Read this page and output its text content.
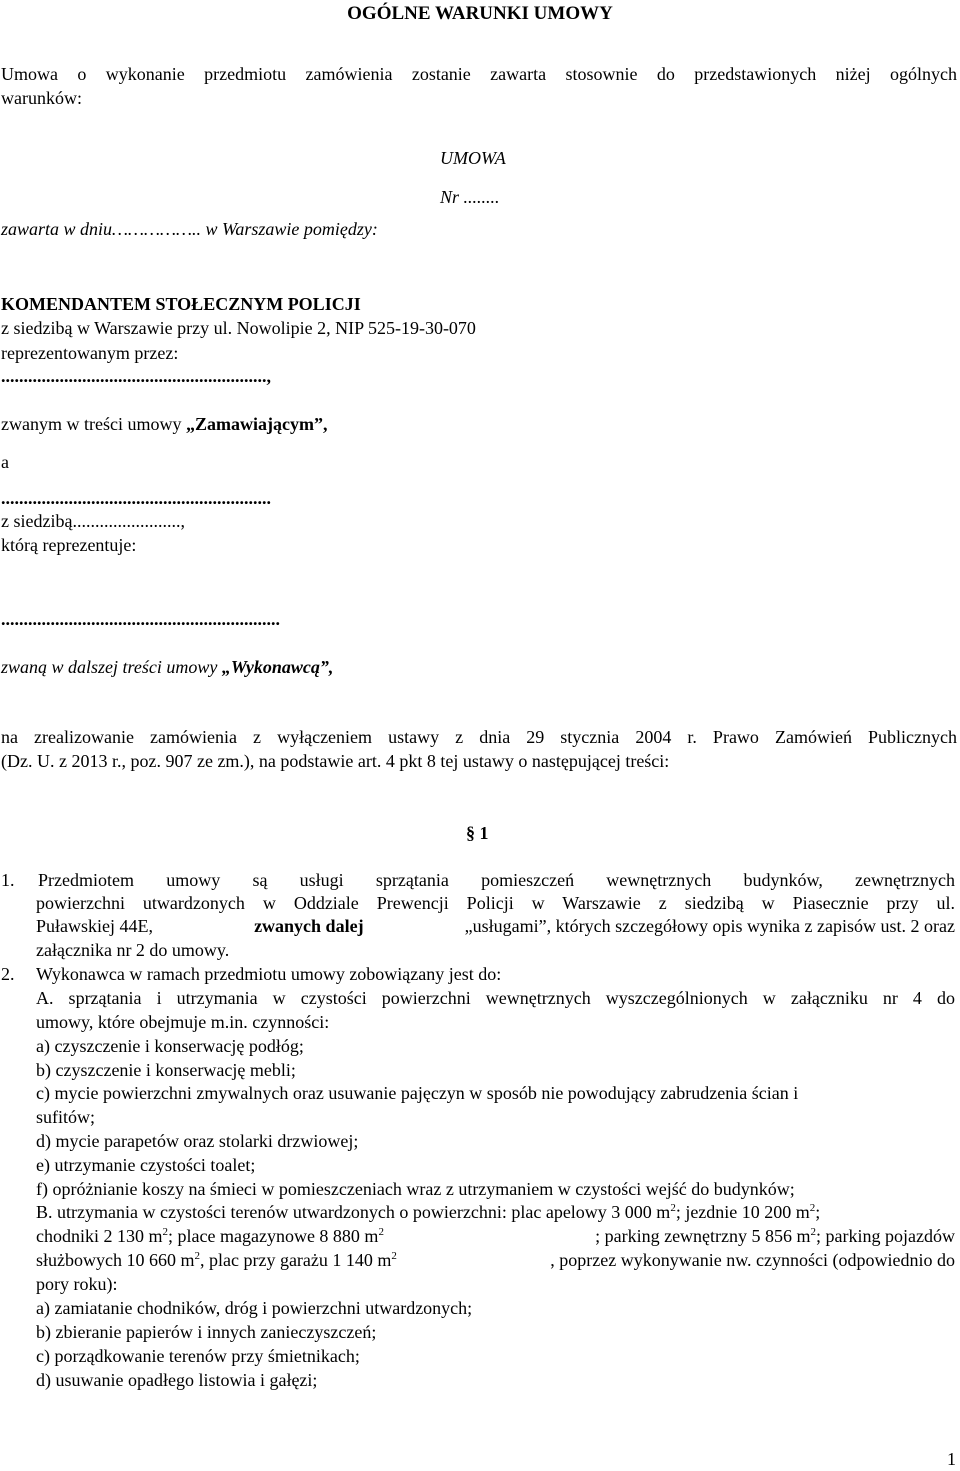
OGÓLNE WARUNKI UMOWY
Umowa o wykonanie przedmiotu zamówienia zostanie zawarta stosownie do przedstawionych niżej ogólnych
warunków:
UMOWA
Nr ........
zawarta w dniu…………….. w Warszawie pomiędzy:
KOMENDANTEM STOŁECZNYM POLICJI
z siedzibą w Warszawie przy ul. Nowolipie 2, NIP 525-19-30-070
reprezentowanym przez:
...........................................................,
zwanym w treści umowy „Zamawiającym”,
a
............................................................
z siedzibą........................,
którą reprezentuje:
..............................................................
zwaną w dalszej treści umowy „Wykonawcą”,
na zrealizowanie zamówienia z wyłączeniem ustawy z dnia 29 stycznia 2004 r. Prawo Zamówień Publicznych
(Dz. U. z 2013 r., poz. 907 ze zm.), na podstawie art. 4 pkt 8 tej ustawy o następującej treści:
§ 1
1. Przedmiotem umowy są usługi sprzątania pomieszczeń wewnętrznych budynków, zewnętrznych
powierzchni utwardzonych w Oddziale Prewencji Policji w Warszawie z siedzibą w Piasecznie przy ul.
Puławskiej 44E,	zwanych dalej	„usługami”, których szczegółowy opis wynika z zapisów ust. 2 oraz
załącznika nr 2 do umowy.
2. Wykonawca w ramach przedmiotu umowy zobowiązany jest do:
A. sprzątania i utrzymania w czystości powierzchni wewnętrznych wyszczególnionych w załączniku nr 4 do
umowy, które obejmuje m.in. czynności:
a) czyszczenie i konserwację podłóg;
b) czyszczenie i konserwację mebli;
c) mycie powierzchni zmywalnych oraz usuwanie pajęczyn w sposób nie powodujący zabrudzenia ścian i
sufitów;
d) mycie parapetów oraz stolarki drzwiowej;
e) utrzymanie czystości toalet;
f) opróżnianie koszy na śmieci w pomieszczeniach wraz z utrzymaniem w czystości wejść do budynków;
B. utrzymania w czystości terenów utwardzonych o powierzchni: plac apelowy 3 000 $m^2$; jezdnie 10 200 $m^2$;
chodniki 2 130 $m^2$; place magazynowe 8 880 $m^2$	; parking zewnętrzny 5 856 $m^2$; parking pojazdów
służbowych 10 660 $m^2$, plac przy garażu 1 140 $m^2$	, poprzez wykonywanie nw. czynności (odpowiednio do
pory roku):
a) zamiatanie chodników, dróg i powierzchni utwardzonych;
b) zbieranie papierów i innych zanieczyszczeń;
c) porządkowanie terenów przy śmietnikach;
d) usuwanie opadłego listowia i gałęzi;
1
